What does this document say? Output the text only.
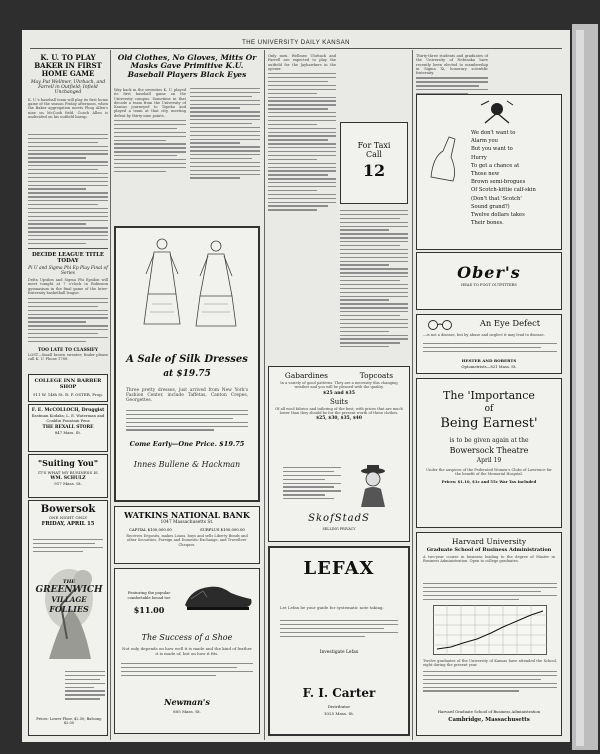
THE UNIVERSITY DAILY KANSAN
K. U. TO PLAY BAKER IN FIRST HOME GAME
May Put Wellmer, Uhrbach, and Farrell in Outfield; Infield Unchanged
K. U.'s baseball team will play its first home game of the season Friday afternoon, when the Baker aggregation meets Phog Allen's nine on McCook field. Coach Allen is undecided on his outfield lineup.
DECIDE LEAGUE TITLE TODAY
Pi U and Sigma Phi Ep Play Final of Series
Delta Upsilon and Sigma Phi Epsilon will meet tonight at 7 o'clock in Robinson gymnasium in the final game of the Inter-fraternity basketball league.
TOO LATE TO CLASSIFY
LOST—Small brown sweater; finder please call K. U. Phone 1788.
COLLEGE INN BARBER SHOP
911 W. 14th St. R. P. OSTER, Prop.
F. E. McCOLLOCH, Druggist
Eastman Kodaks; L. E. Waterman and Conklin Fountain Pens
THE REXALL STORE
847 Mass. St.
"Suiting You"
IT'S WHAT MY BUSINESS IS
WM. SCHULZ
917 Mass. St.
Bowersok
ONE NIGHT ONLY
FRIDAY, APRIL 15
THE
GREENWICH
VILLAGE
FOLLIES
Prices: Lower Floor, $2.50; Balcony, $2.00
Old Clothes, No Gloves, Mitts Or Masks Gave Primitive K.U. Baseball Players Black Eyes
Way back in the seventies K. U. played its first baseball game on the University campus. Sometime in that decade a team from the University of Kansas journeyed to Topeka and played a team at that city, meeting defeat by thirty-nine points.
A Sale of Silk Dresses
at $19.75
Three pretty dresses, just arrived from New York's Fashion Center, include Taffetas, Canton Crepes, Georgettes.
Come Early—One Price. $19.75
Innes Bullene & Hackman
WATKINS NATIONAL BANK
1047 Massachusetts St.
CAPITAL $100,000.00	SURPLUS $100,000.00
Receives Deposits, makes Loans, buys and sells Liberty Bonds and other Securities, Foreign and Domestic Exchange, and Travellers' Cheques.
Featuring the popular comfortable broad toe
$11.00
The Success of a Shoe
Not only depends on how well it is made and the kind of leather it is made of, but on how it fits.
Newman's
805 Mass. St.
Only men. Wellmer, Uhrbach and Farrell are expected to play the outfield for the Jayhawkers in the opener.
For Taxi
Call
12
Gabardines	Topcoats
In a variety of good patterns. They are a necessity this changing weather and you will be pleased with the quality.
$25 and $35
Suits
Of all wool fabrics and tailoring of the best, with prices that are much lower than they should be for the present worth of these clothes.
$25, $30, $35, $40
SkofStadS
SELLING PRIVACY
LEFAX
Let Lefax be your guide for systematic note taking.
Investigate Lefax
F. I. Carter
Distributor
1025 Mass. St.
Thirty-three students and graduates of the University of Nebraska have recently been elected to membership in Sigma Xi, honorary scientific fraternity.
We don't want to
Alarm you
But you want to
Hurry
To get a chance at
Those new
Brown semi-brogues
Of Scotch-kittie calf-skin
(Don't that 'Scotch'
Sound grand?)
Twelve dollars takes
Their bones.
Ober's
HEAD TO FOOT OUTFITTERS
An Eye Defect
—is not a disease, but by abuse and neglect it may lead to disease.
HESTER AND ROBERTS
Optometrists—821 Mass. St.
The 'Importance
of
Being Earnest'
is to be given again at the
Bowersock Theatre
April 19
Under the auspices of the Federated Women's Clubs of Lawrence for the benefit of the Memorial Hospital.
Prices: $1.10, $1c and 55c War Tax Included
Harvard University
Graduate School of Business Administration
A two-year course in business leading to the degree of Master in Business Administration. Open to college graduates.
Twelve graduates of the University of Kansas have attended the School, eight during the present year.
Harvard Graduate School of Business Administration
Cambridge, Massachusetts
